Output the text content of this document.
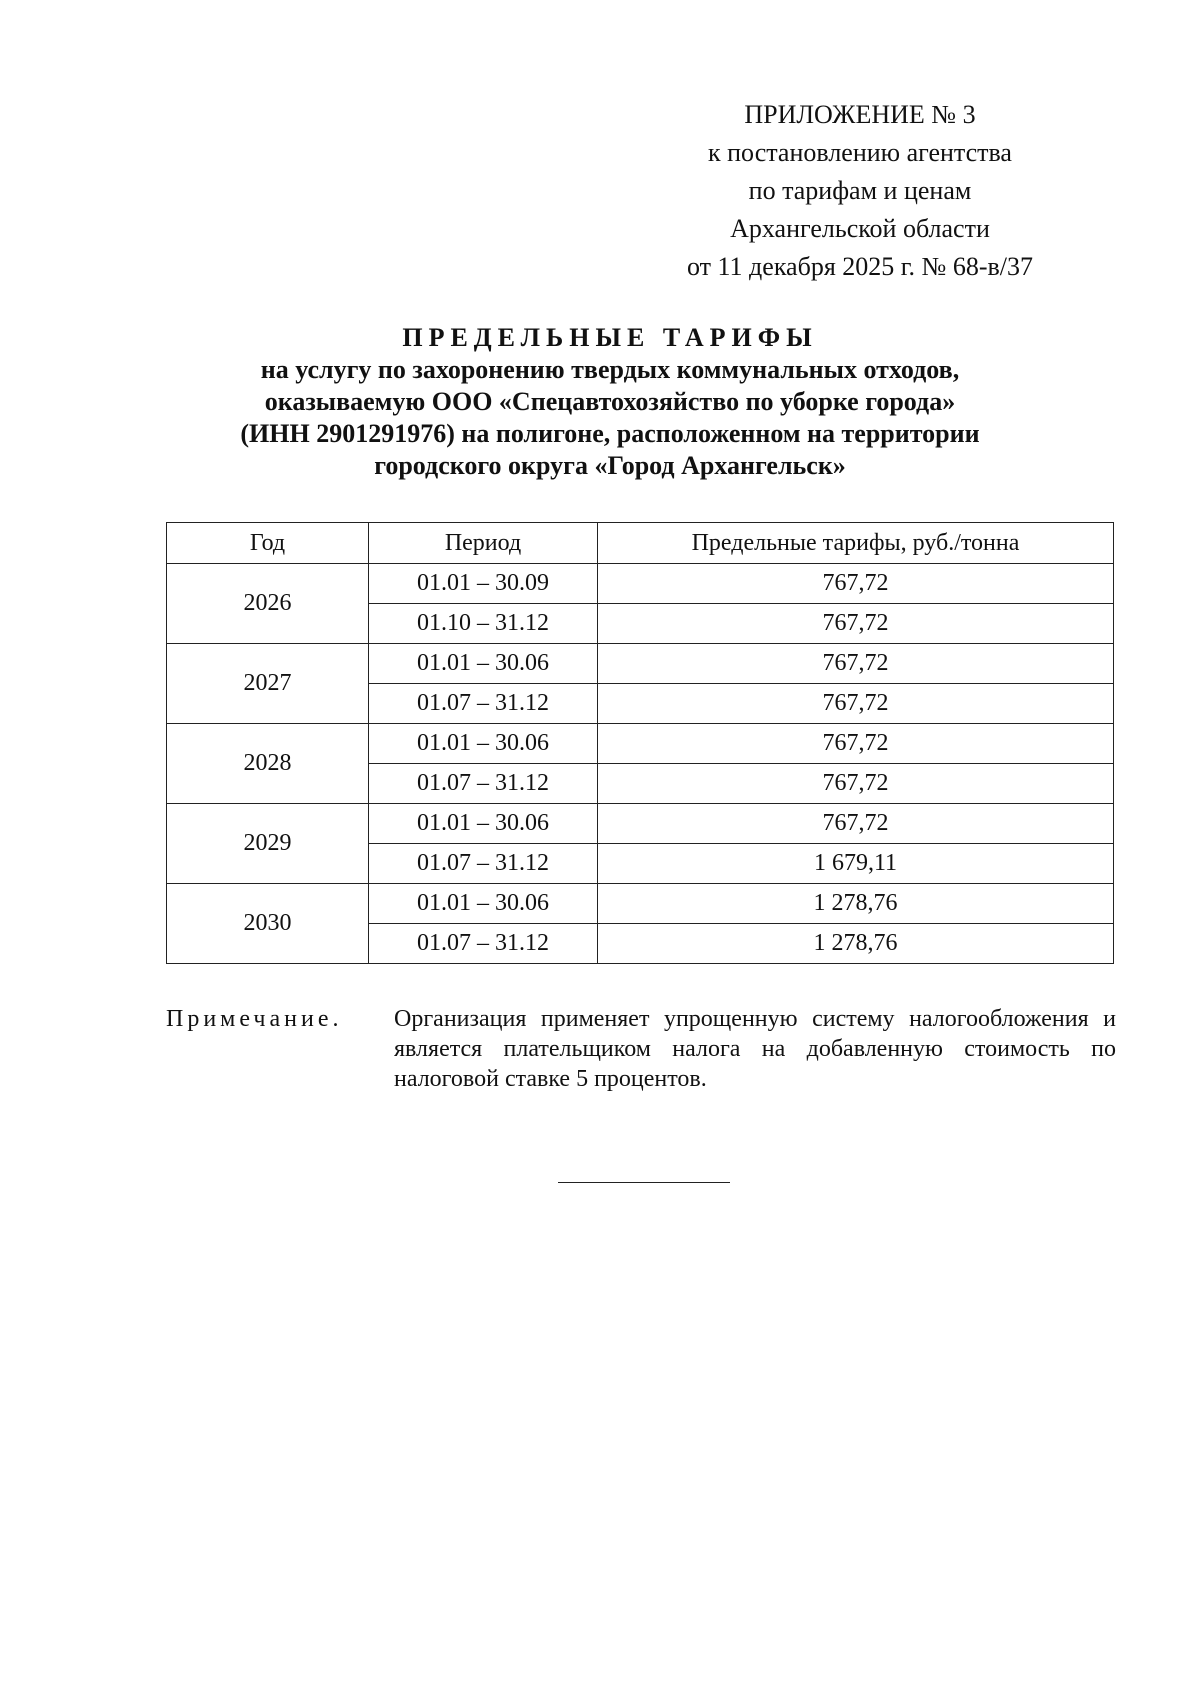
ПРИЛОЖЕНИЕ № 3
к постановлению агентства
по тарифам и ценам
Архангельской области
от 11 декабря 2025 г. № 68-в/37
ПРЕДЕЛЬНЫЕ ТАРИФЫ
на услугу по захоронению твердых коммунальных отходов,
оказываемую ООО «Спецавтохозяйство по уборке города»
(ИНН 2901291976) на полигоне, расположенном на территории
городского округа «Город Архангельск»
Год	Период	Предельные тарифы, руб./тонна
2026	01.01 – 30.09	767,72
	01.10 – 31.12	767,72
2027	01.01 – 30.06	767,72
	01.07 – 31.12	767,72
2028	01.01 – 30.06	767,72
	01.07 – 31.12	767,72
2029	01.01 – 30.06	767,72
	01.07 – 31.12	1 679,11
2030	01.01 – 30.06	1 278,76
	01.07 – 31.12	1 278,76
Примечание. Организация применяет упрощенную систему налогообложения и является плательщиком налога на добавленную стоимость по налоговой ставке 5 процентов.
